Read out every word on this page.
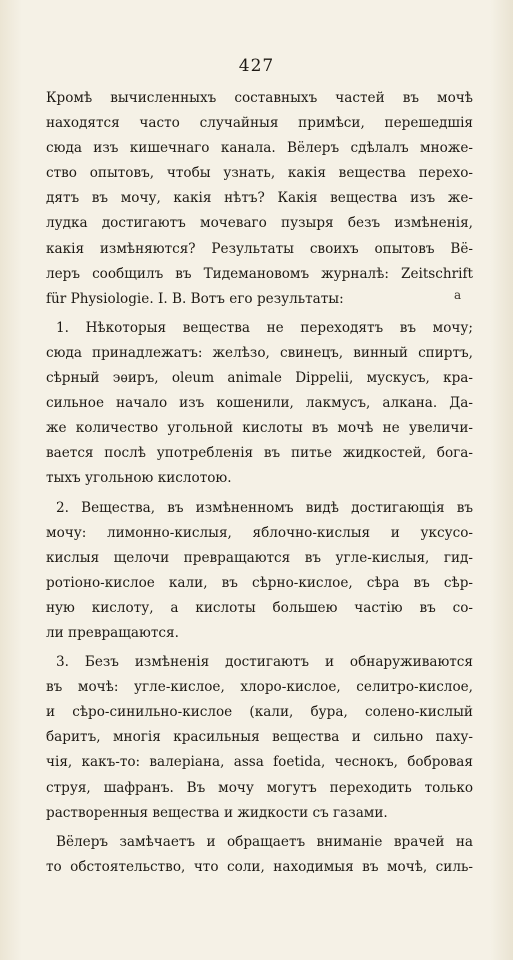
427
a
Кромѣ вычисленныхъ составныхъ частей въ мочѣ
находятся часто случайныя примѣси, перешедшія
сюда изъ кишечнаго канала. Вёлеръ сдѣлалъ множе-
ство опытовъ, чтобы узнать, какія вещества перехо-
дятъ въ мочу, какія нѣтъ? Какія вещества изъ же-
лудка достигаютъ мочеваго пузыря безъ измѣненія,
какія измѣняются? Результаты своихъ опытовъ Вё-
леръ сообщилъ въ Тидемановомъ журналѣ: Zeitschrift
für Physiologie. I. B. Вотъ его результаты:
1. Нѣкоторыя вещества не переходятъ въ мочу;
сюда принадлежатъ: желѣзо, свинецъ, винный спиртъ,
сѣрный эѳиръ, oleum animale Dippelii, мускусъ, кра-
сильное начало изъ кошенили, лакмусъ, алкана. Да-
же количество угольной кислоты въ мочѣ не увеличи-
вается послѣ употребленія въ питье жидкостей, бога-
тыхъ угольною кислотою.
2. Вещества, въ измѣненномъ видѣ достигающія въ
мочу: лимонно-кислыя, яблочно-кислыя и уксусо-
кислыя щелочи превращаются въ угле-кислыя, гид-
ротіоно-кислое кали, въ сѣрно-кислое, сѣра въ сѣр-
ную кислоту, а кислоты большею частію въ со-
ли превращаются.
3. Безъ измѣненія достигаютъ и обнаруживаются
въ мочѣ: угле-кислое, хлоро-кислое, селитро-кислое,
и сѣро-синильно-кислое (кали, бура, солено-кислый
баритъ, многія красильныя вещества и сильно паху-
чія, какъ-то: валеріана, assa foetida, чеснокъ, бобровая
струя, шафранъ. Въ мочу могутъ переходить только
растворенныя вещества и жидкости съ газами.
Вёлеръ замѣчаетъ и обращаетъ вниманіе врачей на
то обстоятельство, что соли, находимыя въ мочѣ, силь-
